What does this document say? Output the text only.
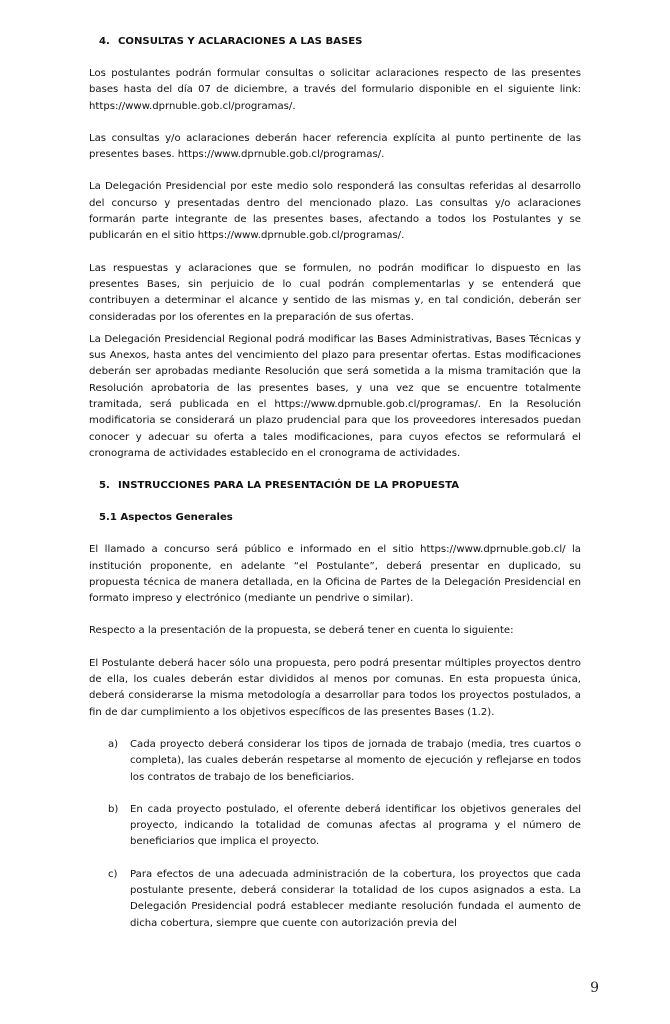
4. CONSULTAS Y ACLARACIONES A LAS BASES

Los postulantes podrán formular consultas o solicitar aclaraciones respecto de las presentes bases hasta del día 07 de diciembre, a través del formulario disponible en el siguiente link: https://www.dprnuble.gob.cl/programas/.

Las consultas y/o aclaraciones deberán hacer referencia explícita al punto pertinente de las presentes bases. https://www.dprnuble.gob.cl/programas/.

La Delegación Presidencial por este medio solo responderá las consultas referidas al desarrollo del concurso y presentadas dentro del mencionado plazo. Las consultas y/o aclaraciones formarán parte integrante de las presentes bases, afectando a todos los Postulantes y se publicarán en el sitio https://www.dprnuble.gob.cl/programas/.

Las respuestas y aclaraciones que se formulen, no podrán modificar lo dispuesto en las presentes Bases, sin perjuicio de lo cual podrán complementarlas y se entenderá que contribuyen a determinar el alcance y sentido de las mismas y, en tal condición, deberán ser consideradas por los oferentes en la preparación de sus ofertas.

La Delegación Presidencial Regional podrá modificar las Bases Administrativas, Bases Técnicas y sus Anexos, hasta antes del vencimiento del plazo para presentar ofertas. Estas modificaciones deberán ser aprobadas mediante Resolución que será sometida a la misma tramitación que la Resolución aprobatoria de las presentes bases, y una vez que se encuentre totalmente tramitada, será publicada en el https://www.dprnuble.gob.cl/programas/. En la Resolución modificatoria se considerará un plazo prudencial para que los proveedores interesados puedan conocer y adecuar su oferta a tales modificaciones, para cuyos efectos se reformulará el cronograma de actividades establecido en el cronograma de actividades.

5. INSTRUCCIONES PARA LA PRESENTACIÓN DE LA PROPUESTA
5.1 Aspectos Generales

El llamado a concurso será público e informado en el sitio https://www.dprnuble.gob.cl/ la institución proponente, en adelante “el Postulante”, deberá presentar en duplicado, su propuesta técnica de manera detallada, en la Oficina de Partes de la Delegación Presidencial en formato impreso y electrónico (mediante un pendrive o similar).

Respecto a la presentación de la propuesta, se deberá tener en cuenta lo siguiente:

El Postulante deberá hacer sólo una propuesta, pero podrá presentar múltiples proyectos dentro de ella, los cuales deberán estar divididos al menos por comunas. En esta propuesta única, deberá considerarse la misma metodología a desarrollar para todos los proyectos postulados, a fin de dar cumplimiento a los objetivos específicos de las presentes Bases (1.2).

a)	Cada proyecto deberá considerar los tipos de jornada de trabajo (media, tres cuartos o completa), las cuales deberán respetarse al momento de ejecución y reflejarse en todos los contratos de trabajo de los beneficiarios.
b)	En cada proyecto postulado, el oferente deberá identificar los objetivos generales del proyecto, indicando la totalidad de comunas afectas al programa y el número de beneficiarios que implica el proyecto.
c)	Para efectos de una adecuada administración de la cobertura, los proyectos que cada postulante presente, deberá considerar la totalidad de los cupos asignados a esta. La Delegación Presidencial podrá establecer mediante resolución fundada el aumento de dicha cobertura, siempre que cuente con autorización previa del
9
